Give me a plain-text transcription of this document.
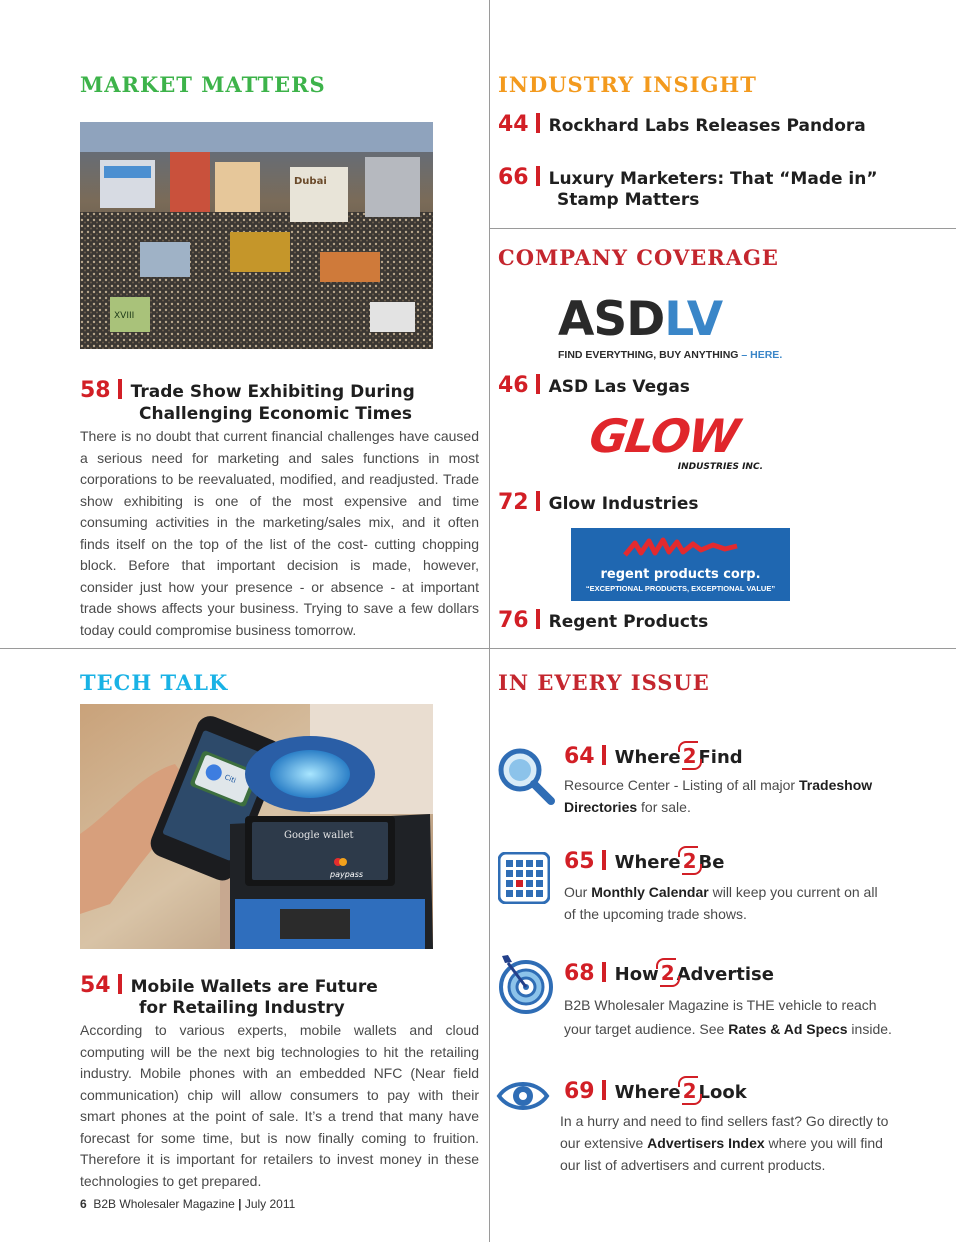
MARKET MATTERS
Dubai
XVIII
58 Trade Show Exhibiting During
Challenging Economic Times
There is no doubt that current financial challenges have caused a serious need for marketing and sales functions in most corporations to be reevaluated, modified, and readjusted. Trade show exhibiting is one of the most expensive and time consuming activities in the marketing/sales mix, and it often finds itself on the top of the list of the cost- cutting chopping block. Before that important decision is made, however, consider just how your presence - or absence - at important trade shows affects your business. Trying to save a few dollars today could compromise business tomorrow.
INDUSTRY INSIGHT
44 Rockhard Labs Releases Pandora
66 Luxury Marketers: That “Made in”
Stamp Matters
COMPANY COVERAGE
ASDLV
FIND EVERYTHING, BUY ANYTHING – HERE.
46 ASD Las Vegas
GLOW
INDUSTRIES INC.
72 Glow Industries
regent products corp.
“EXCEPTIONAL PRODUCTS, EXCEPTIONAL VALUE”
76 Regent Products
TECH TALK
Citi
Google wallet
paypass
54 Mobile Wallets are Future
for Retailing Industry
According to various experts, mobile wallets and cloud computing will be the next big technologies to hit the retailing industry. Mobile phones with an embedded NFC (Near field communication) chip will allow consumers to pay with their smart phones at the point of sale. It’s a trend that many have forecast for some time, but is now finally coming to fruition. Therefore it is important for retailers to invest money in these technologies to get prepared.
IN EVERY ISSUE
64 Where 2 Find
Resource Center - Listing of all major Tradeshow Directories for sale.
65 Where 2 Be
Our Monthly Calendar will keep you current on all of the upcoming trade shows.
68 How 2 Advertise
B2B Wholesaler Magazine is THE vehicle to reach your target audience. See Rates & Ad Specs inside.
69 Where 2 Look
In a hurry and need to find sellers fast? Go directly to our extensive Advertisers Index where you will find our list of advertisers and current products.
6 B2B Wholesaler Magazine | July 2011
